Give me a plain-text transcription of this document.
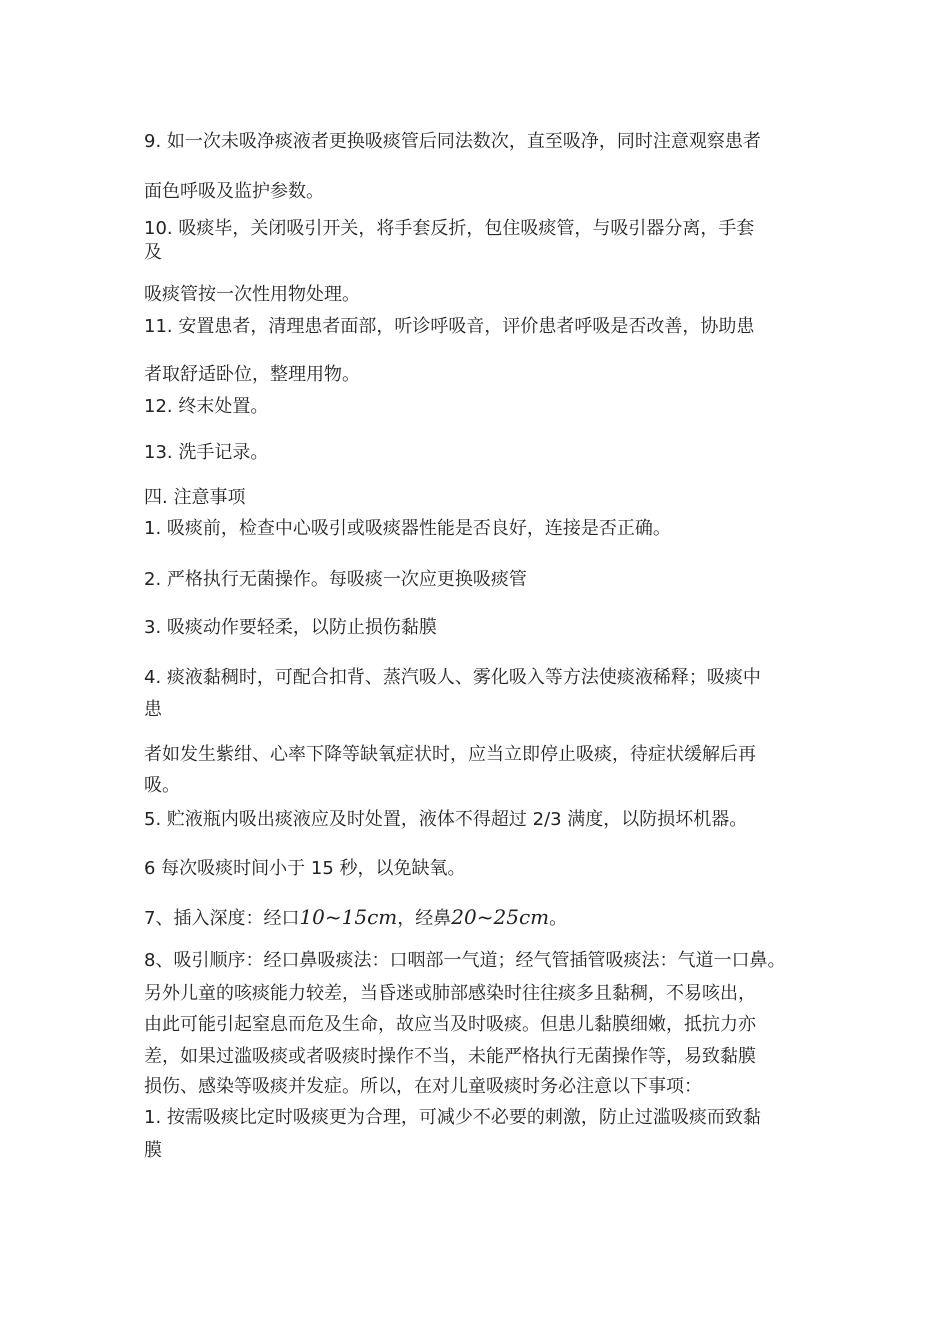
9. 如一次未吸净痰液者更换吸痰管后同法数次，直至吸净，同时注意观察患者
面色呼吸及监护参数。
10. 吸痰毕，关闭吸引开关，将手套反折，包住吸痰管，与吸引器分离，手套
及
吸痰管按一次性用物处理。
11. 安置患者，清理患者面部，听诊呼吸音，评价患者呼吸是否改善，协助患
者取舒适卧位，整理用物。
12. 终末处置。
13. 洗手记录。
四. 注意事项
1. 吸痰前，检查中心吸引或吸痰器性能是否良好，连接是否正确。
2. 严格执行无菌操作。每吸痰一次应更换吸痰管
3. 吸痰动作要轻柔，以防止损伤黏膜
4. 痰液黏稠时，可配合扣背、蒸汽吸人、雾化吸入等方法使痰液稀释；吸痰中
患
者如发生紫绀、心率下降等缺氧症状时，应当立即停止吸痰，待症状缓解后再
吸。
5. 贮液瓶内吸出痰液应及时处置，液体不得超过 2/3 满度，以防损坏机器。
6 每次吸痰时间小于 15 秒，以免缺氧。
7、插入深度：经口10~15cm，经鼻20~25cm。
8、吸引顺序：经口鼻吸痰法：口咽部一气道；经气管插管吸痰法：气道一口鼻。
另外儿童的咳痰能力较差，当昏迷或肺部感染时往往痰多且黏稠，不易咳出，
由此可能引起窒息而危及生命，故应当及时吸痰。但患儿黏膜细嫩，抵抗力亦
差，如果过滥吸痰或者吸痰时操作不当，未能严格执行无菌操作等，易致黏膜
损伤、感染等吸痰并发症。所以，在对儿童吸痰时务必注意以下事项：
1. 按需吸痰比定时吸痰更为合理，可减少不必要的刺激，防止过滥吸痰而致黏
膜
